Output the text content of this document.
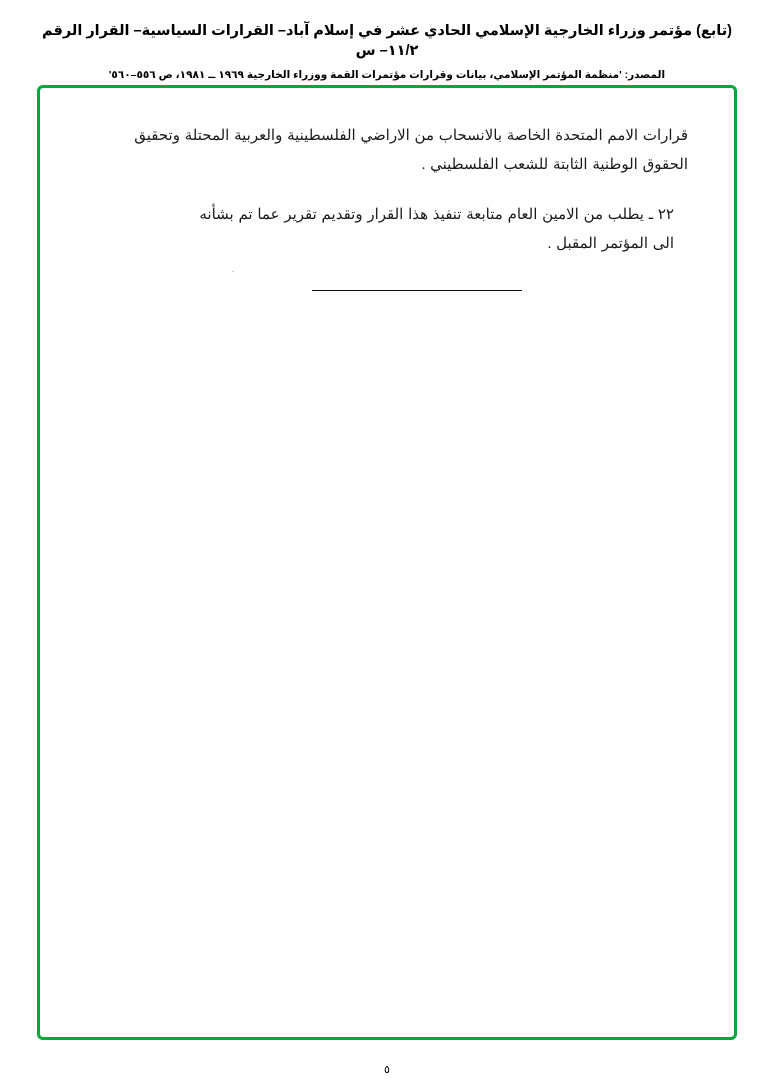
(تابع) مؤتمر وزراء الخارجية الإسلامي الحادي عشر في إسلام آباد– القرارات السياسية– القرار الرقم ١١/٢– س
المصدر: 'منظمة المؤتمر الإسلامي، بيانات وقرارات مؤتمرات القمة ووزراء الخارجية ١٩٦٩ ــ ١٩٨١، ص ٥٥٦–٥٦٠'

قرارات الامم المتحدة الخاصة بالانسحاب من الاراضي الفلسطينية والعربية المحتلة وتحقيق الحقوق الوطنية الثابتة للشعب الفلسطيني .

٢٢ ـ يطلب من الامين العام متابعة تنفيذ هذا القرار وتقديم تقرير عما تم بشأنه الى المؤتمر المقبل .

.
٥
